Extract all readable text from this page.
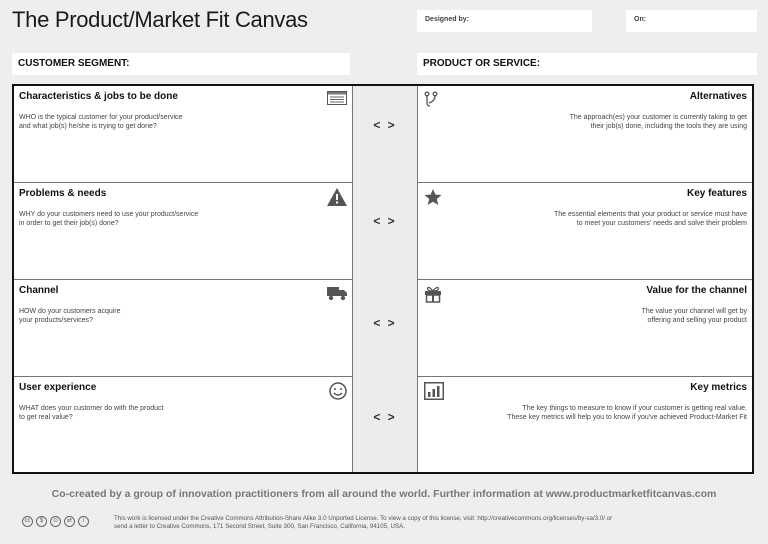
The Product/Market Fit Canvas	Designed by:	On:
CUSTOMER SEGMENT:	PRODUCT OR SERVICE:
Characteristics & jobs to be done

WHO is the typical customer for your product/service
and what job(s) he/she is trying to get done?

Problems & needs

WHY do your customers need to use your product/service
in order to get their job(s) done?

Channel

HOW do your customers acquire
your products/services?

User experience

WHAT does your customer do with the product
to get real value?

< >
< >
< >
< >
Alternatives

The approach(es) your customer is currently taking to get
their job(s) done, including the tools they are using

Key features

The essential elements that your product or service must have
to meet your customers' needs and solve their problem

Value for the channel

The value your channel will get by
offering and selling your product

Key metrics

The key things to measure to know if your customer is getting real value.
These key metrics will help you to know if you've achieved Product-Market Fit

Co-created by a group of innovation practitioners from all around the world. Further information at www.productmarketfitcanvas.com
cc	$	⊙	⇄	i	This work is licensed under the Creative Commons Attribution-Share Alike 3.0 Unported License. To view a copy of this license, visit: http://creativecommons.org/licenses/by-sa/3.0/ or
send a letter to Creative Commons, 171 Second Street, Suite 300, San Francisco, California, 94105, USA.
